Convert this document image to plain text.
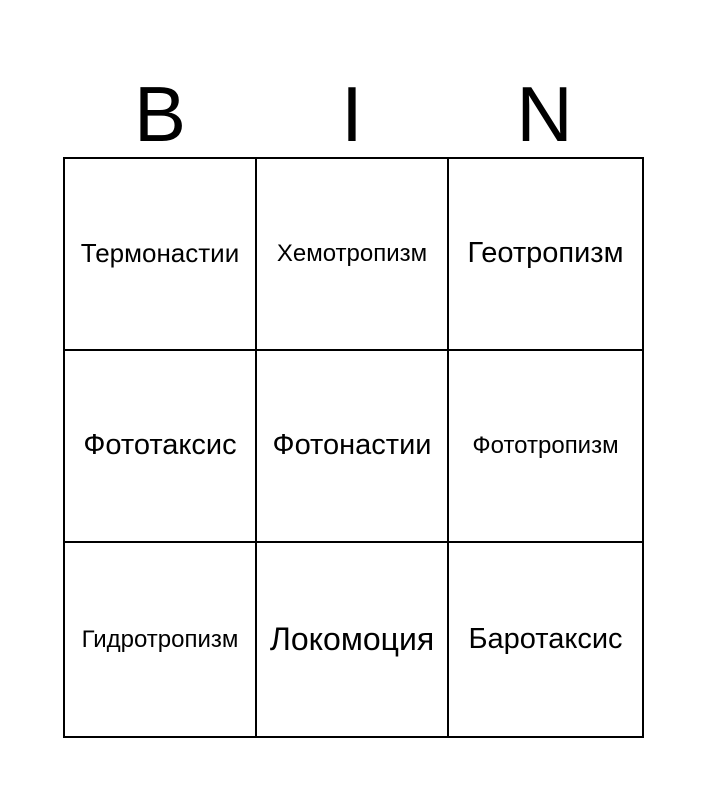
B	I	N
Термонастии Хемотропизм Геотропизм
Фототаксис Фотонастии Фототропизм
Гидротропизм Локомоция Баротаксис
